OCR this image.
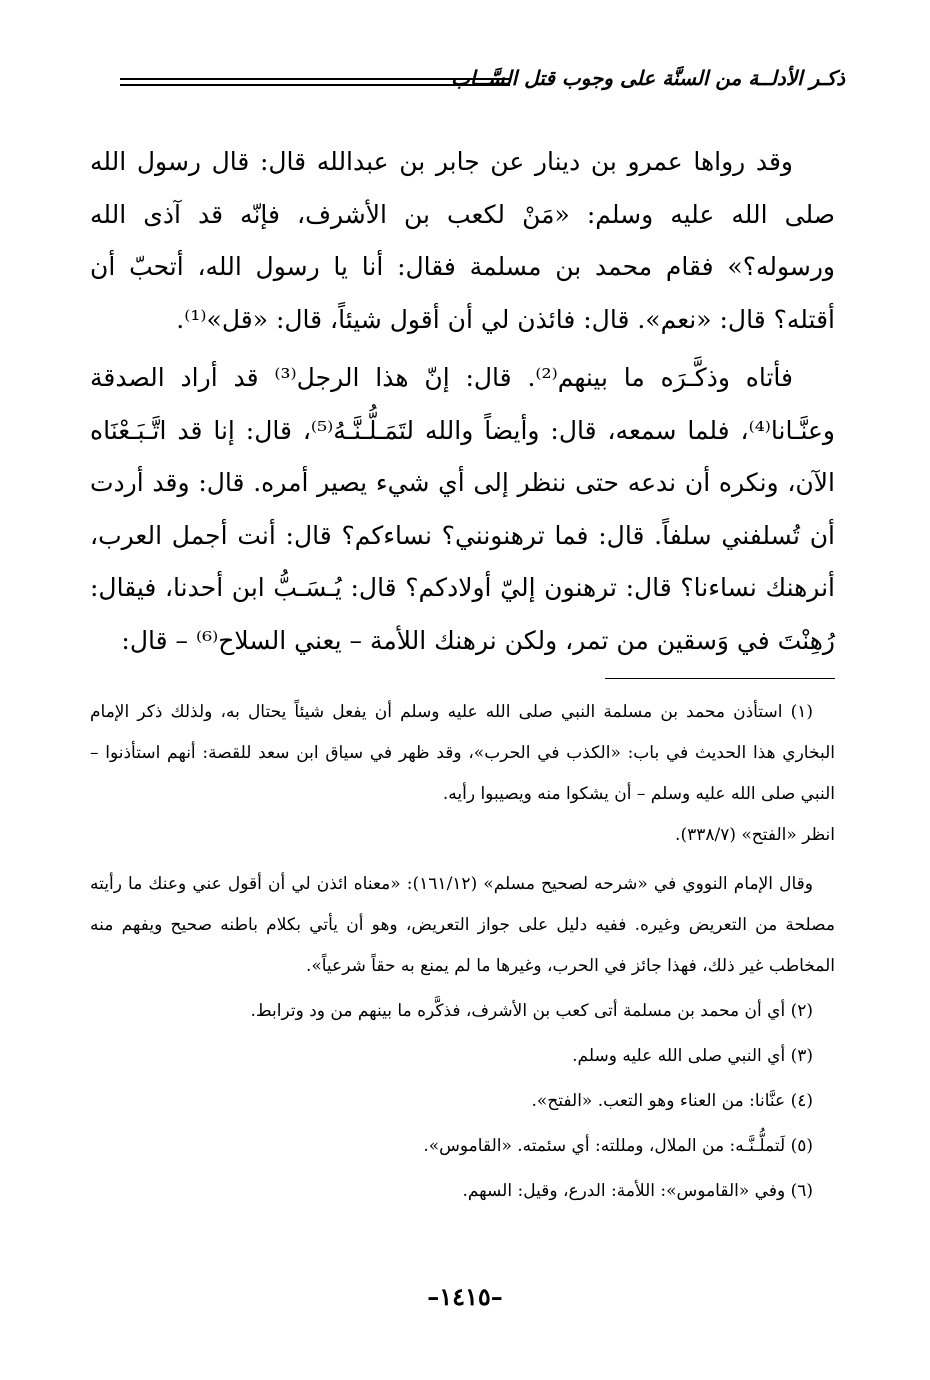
ذكـر الأدلــة من السنَّة على وجوب قتل السَّــاب

وقد رواها عمرو بن دينار عن جابر بن عبدالله قال: قال رسول الله صلى الله عليه وسلم: «مَنْ لكعب بن الأشرف، فإنّه قد آذى الله ورسوله؟» فقام محمد بن مسلمة فقال: أنا يا رسول الله، أتحبّ أن أقتله؟ قال: «نعم». قال: فائذن لي أن أقول شيئاً، قال: «قل»⁽¹⁾.

فأتاه وذكَّـرَه ما بينهم⁽²⁾. قال: إنّ هذا الرجل⁽³⁾ قد أراد الصدقة وعنَّـانا⁽⁴⁾، فلما سمعه، قال: وأيضاً والله لتَمَـلُّـنَّـهُ⁽⁵⁾، قال: إنا قد اتَّـبَـعْنَاه الآن، ونكره أن ندعه حتى ننظر إلى أي شيء يصير أمره. قال: وقد أردت أن تُسلفني سلفاً. قال: فما ترهنونني؟ نساءكم؟ قال: أنت أجمل العرب، أنرهنك نساءنا؟ قال: ترهنون إليّ أولادكم؟ قال: يُـسَـبُّ ابن أحدنا، فيقال: رُهِنْتَ في وَسقين من تمر، ولكن نرهنك اللأمة – يعني السلاح⁽⁶⁾ – قال:

(١) استأذن محمد بن مسلمة النبي صلى الله عليه وسلم أن يفعل شيئاً يحتال به، ولذلك ذكر الإمام البخاري هذا الحديث في باب: «الكذب في الحرب»، وقد ظهر في سياق ابن سعد للقصة: أنهم استأذنوا – النبي صلى الله عليه وسلم – أن يشكوا منه ويصيبوا رأيه.

انظر «الفتح» (٣٣٨/٧).

وقال الإمام النووي في «شرحه لصحيح مسلم» (١٦١/١٢): «معناه ائذن لي أن أقول عني وعنك ما رأيته مصلحة من التعريض وغيره. ففيه دليل على جواز التعريض، وهو أن يأتي بكلام باطنه صحيح ويفهم منه المخاطب غير ذلك، فهذا جائز في الحرب، وغيرها ما لم يمنع به حقاً شرعياً».

(٢) أي أن محمد بن مسلمة أتى كعب بن الأشرف، فذكَّره ما بينهم من ود وترابط.

(٣) أي النبي صلى الله عليه وسلم.

(٤) عنَّانا: من العناء وهو التعب. «الفتح».

(٥) لَتملُّـنَّـه: من الملال، ومللته: أي سئمته. «القاموس».

(٦) وفي «القاموس»: اللأمة: الدرع، وقيل: السهم.

–١٤١٥–
